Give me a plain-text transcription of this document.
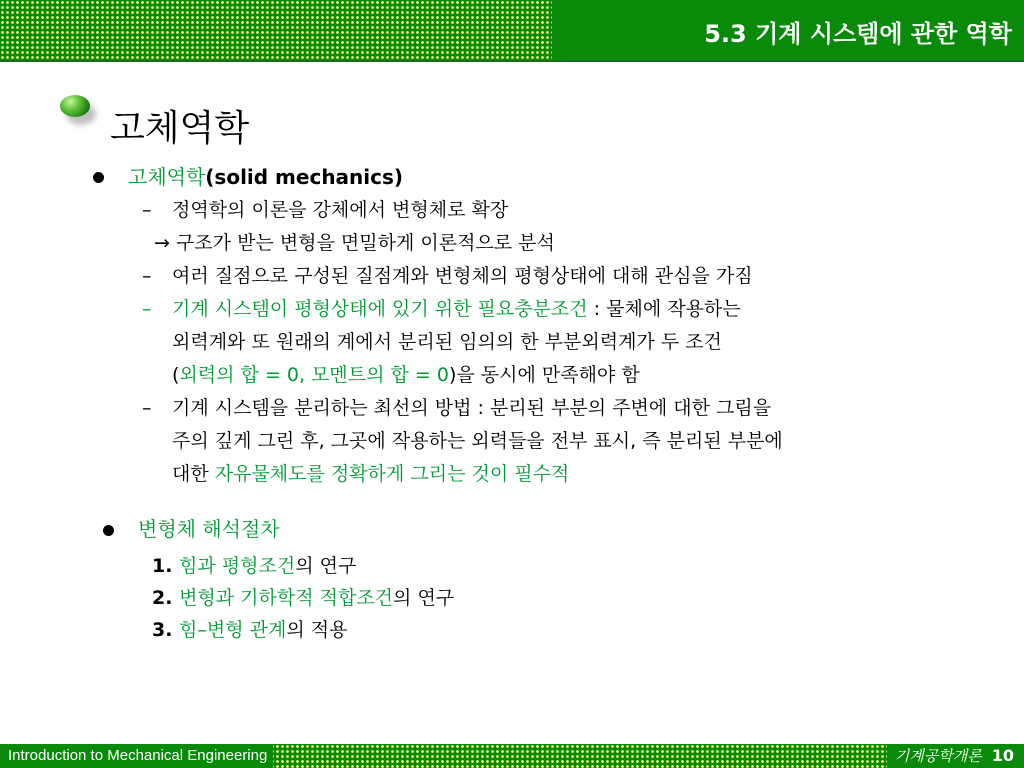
5.3 기계 시스템에 관한 역학
고체역학
고체역학(solid mechanics)
– 정역학의 이론을 강체에서 변형체로 확장
→ 구조가 받는 변형을 면밀하게 이론적으로 분석
– 여러 질점으로 구성된 질점계와 변형체의 평형상태에 대해 관심을 가짐
– 기계 시스템이 평형상태에 있기 위한 필요충분조건 : 물체에 작용하는
외력계와 또 원래의 계에서 분리된 임의의 한 부분외력계가 두 조건
(외력의 합 = 0, 모멘트의 합 = 0)을 동시에 만족해야 함
– 기계 시스템을 분리하는 최선의 방법 : 분리된 부분의 주변에 대한 그림을
주의 깊게 그린 후, 그곳에 작용하는 외력들을 전부 표시, 즉 분리된 부분에
대한 자유물체도를 정확하게 그리는 것이 필수적
변형체 해석절차
1. 힘과 평형조건의 연구
2. 변형과 기하학적 적합조건의 연구
3. 힘–변형 관계의 적용
Introduction to Mechanical Engineering	기계공학개론 10
